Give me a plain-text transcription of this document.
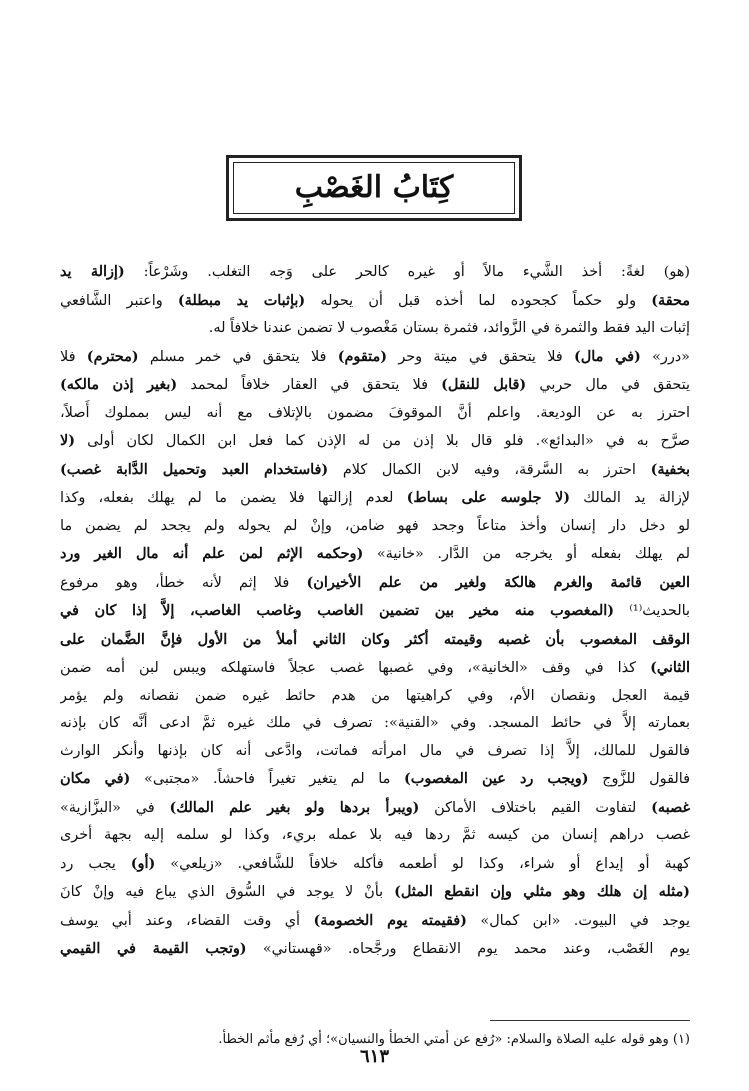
كِتَابُ الغَصْبِ
(هو) لغةً: أخذ الشَّيء مالاً أو غيره كالحر على وَجه التغلب. وشَرْعاً: (إزالة يد
محقة) ولو حكماً كجحوده لما أخذه قبل أن يحوله (بإثبات يد مبطلة) واعتبر الشَّافعي
إثبات اليد فقط والثمرة في الزَّوائد، فثمرة بستان مَغْصوب لا تضمن عندنا خلافاً له.
«درر» (في مال) فلا يتحقق في ميتة وحر (متقوم) فلا يتحقق في خمر مسلم (محترم) فلا
يتحقق في مال حربي (قابل للنقل) فلا يتحقق في العقار خلافاً لمحمد (بغير إذن مالكه)
احترز به عن الوديعة. واعلم أنَّ الموقوفَ مضمون بالإتلاف مع أنه ليس بمملوك أَصلاً،
صرَّح به في «البدائع». فلو قال بلا إذن من له الإذن كما فعل ابن الكمال لكان أولى (لا
بخفية) احترز به السَّرقة، وفيه لابن الكمال كلام (فاستخدام العبد وتحميل الدَّابة غصب)
لإزالة يد المالك (لا جلوسه على بساط) لعدم إزالتها فلا يضمن ما لم يهلك بفعله، وكذا
لو دخل دار إنسان وأخذ متاعاً وجحد فهو ضامن، وإنْ لم يحوله ولم يجحد لم يضمن ما
لم يهلك بفعله أو يخرجه من الدَّار. «خانية» (وحكمه الإثم لمن علم أنه مال الغير ورد
العين قائمة والغرم هالكة ولغير من علم الأخيران) فلا إثم لأنه خطأ، وهو مرفوع
بالحديث⁽¹⁾ (المغصوب منه مخير بين تضمين الغاصب وغاصب الغاصب، إلاَّ إذا كان في
الوقف المغصوب بأن غصبه وقيمته أكثر وكان الثاني أملأ من الأول فإنَّ الضَّمان على
الثاني) كذا في وقف «الخانية»، وفي غصبها غصب عجلاً فاستهلكه ويبس لبن أمه ضمن
قيمة العجل ونقصان الأم، وفي كراهيتها من هدم حائط غيره ضمن نقصانه ولم يؤمر
بعمارته إلاَّ في حائط المسجد. وفي «القنية»: تصرف في ملك غيره ثمَّ ادعى أنَّه كان بإذنه
فالقول للمالك، إلاَّ إذا تصرف في مال امرأته فماتت، وادَّعى أنه كان بإذنها وأنكر الوارث
فالقول للزَّوج (ويجب رد عين المغصوب) ما لم يتغير تغيراً فاحشاً. «مجتبى» (في مكان
غصبه) لتفاوت القيم باختلاف الأماكن (ويبرأ بردها ولو بغير علم المالك) في «البزَّازية»
غصب دراهم إنسان من كيسه ثمَّ ردها فيه بلا عمله بريء، وكذا لو سلمه إليه بجهة أخرى
كهبة أو إيداع أو شراء، وكذا لو أطعمه فأكله خلافاً للشَّافعي. «زيلعي» (أو) يجب رد
(مثله إن هلك وهو مثلي وإن انقطع المثل) بأنْ لا يوجد في السُّوق الذي يباع فيه وإنْ كانَ
يوجد في البيوت. «ابن كمال» (فقيمته يوم الخصومة) أي وقت القضاء، وعند أبي يوسف
يوم الغَصْب، وعند محمد يوم الانقطاع ورجَّحاه. «قهستاني» (وتجب القيمة في القيمي
(١) وهو قوله عليه الصلاة والسلام: «رُفع عن أمتي الخطأ والنسيان»؛ أي رُفع مأثم الخطأ.
٦١٣
